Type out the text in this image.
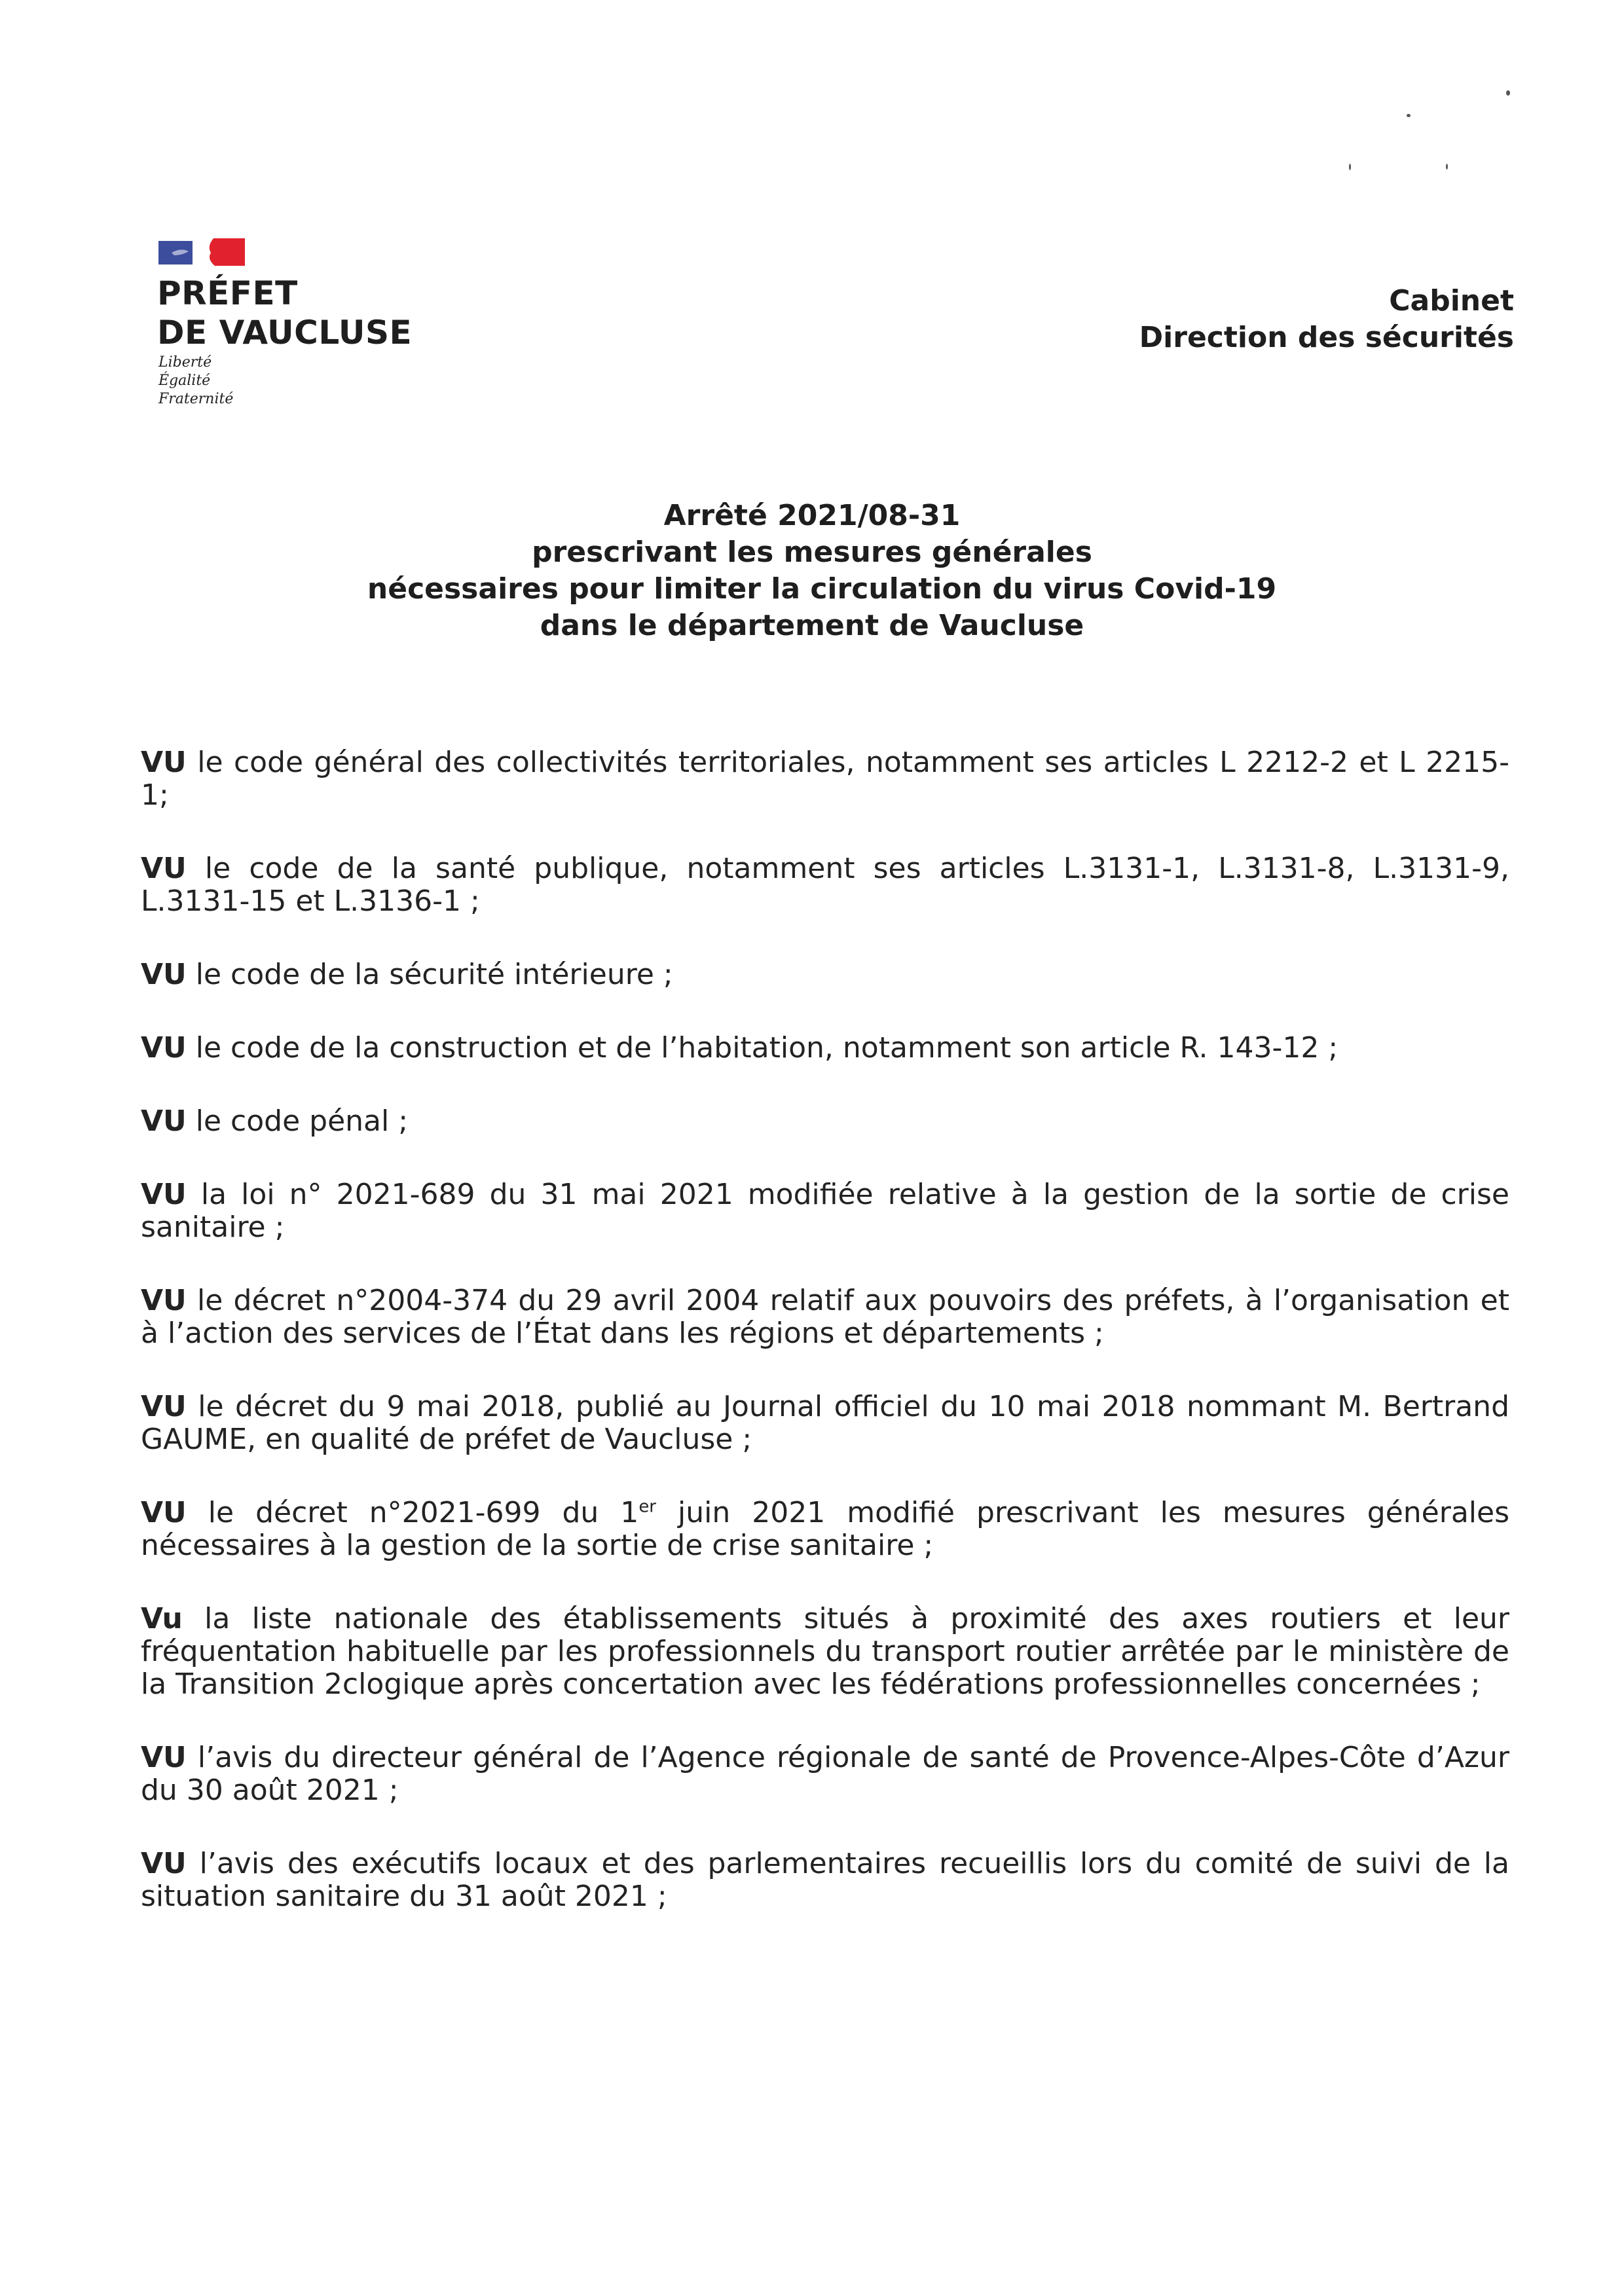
PRÉFET
DE VAUCLUSE
Liberté
Égalité
Fraternité
Cabinet
Direction des sécurités
Arrêté 2021/08-31
prescrivant les mesures générales
nécessaires pour limiter la circulation du virus Covid-19
dans le département de Vaucluse

VU le code général des collectivités territoriales, notamment ses articles L 2212-2 et L 2215-1;

VU le code de la santé publique, notamment ses articles L.3131-1, L.3131-8, L.3131-9, L.3131-15 et L.3136-1 ;

VU le code de la sécurité intérieure ;

VU le code de la construction et de l’habitation, notamment son article R. 143-12 ;

VU le code pénal ;

VU la loi n° 2021-689 du 31 mai 2021 modifiée relative à la gestion de la sortie de crise sanitaire ;

VU le décret n°2004-374 du 29 avril 2004 relatif aux pouvoirs des préfets, à l’organisation et à l’action des services de l’État dans les régions et départements ;

VU le décret du 9 mai 2018, publié au Journal officiel du 10 mai 2018 nommant M. Bertrand GAUME, en qualité de préfet de Vaucluse ;

VU le décret n°2021-699 du 1er juin 2021 modifié prescrivant les mesures générales nécessaires à la gestion de la sortie de crise sanitaire ;

Vu la liste nationale des établissements situés à proximité des axes routiers et leur fréquentation habituelle par les professionnels du transport routier arrêtée par le ministère de la Transition 2clogique après concertation avec les fédérations professionnelles concernées ;

VU l’avis du directeur général de l’Agence régionale de santé de Provence-Alpes-Côte d’Azur du 30 août 2021 ;

VU l’avis des exécutifs locaux et des parlementaires recueillis lors du comité de suivi de la situation sanitaire du 31 août 2021 ;
